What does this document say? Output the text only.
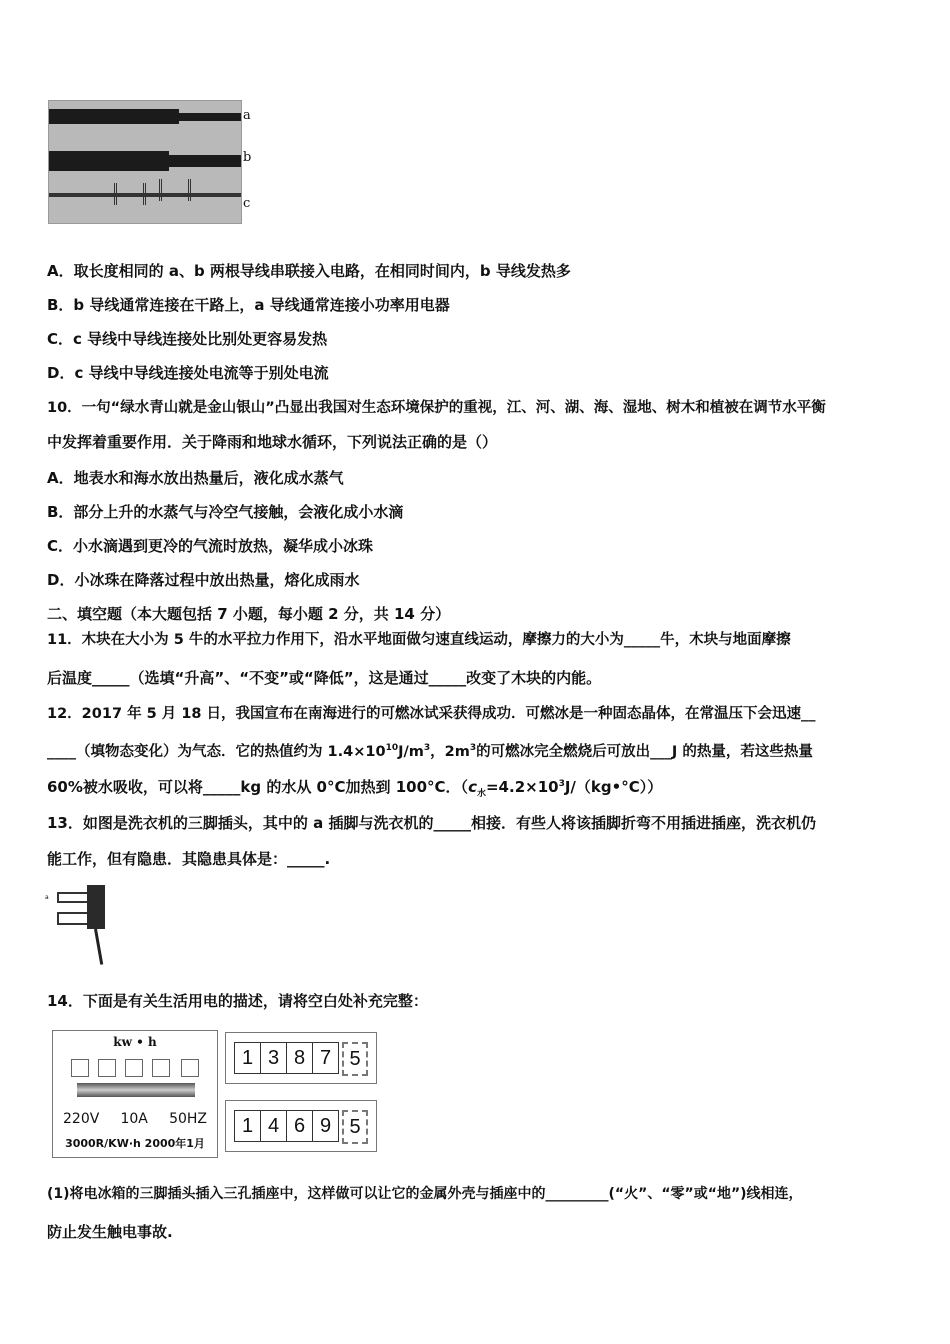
a
b
c
A．取长度相同的 a、b 两根导线串联接入电路，在相同时间内，b 导线发热多
B．b 导线通常连接在干路上，a 导线通常连接小功率用电器
C．c 导线中导线连接处比别处更容易发热
D．c 导线中导线连接处电流等于别处电流
10．一句“绿水青山就是金山银山”凸显出我国对生态环境保护的重视，江、河、湖、海、湿地、树木和植被在调节水平衡
中发挥着重要作用．关于降雨和地球水循环，下列说法正确的是（）
A．地表水和海水放出热量后，液化成水蒸气
B．部分上升的水蒸气与冷空气接触，会液化成小水滴
C．小水滴遇到更冷的气流时放热，凝华成小冰珠
D．小冰珠在降落过程中放出热量，熔化成雨水
二、填空题（本大题包括 7 小题，每小题 2 分，共 14 分）
11．木块在大小为 5 牛的水平拉力作用下，沿水平地面做匀速直线运动，摩擦力的大小为_____牛，木块与地面摩擦
后温度_____（选填“升高”、“不变”或“降低”，这是通过_____改变了木块的内能。
12．2017 年 5 月 18 日，我国宣布在南海进行的可燃冰试采获得成功．可燃冰是一种固态晶体，在常温压下会迅速__
____（填物态变化）为气态．它的热值约为 $1.4\times 10^{10}J/m^3$，$2m^3$的可燃冰完全燃烧后可放出___J 的热量，若这些热量
60%被水吸收，可以将_____kg 的水从 0°C加热到 100°C．$(c_水=4.2\times 10^3J/(kg•^\circ C))$
13．如图是洗衣机的三脚插头，其中的 a 插脚与洗衣机的_____相接．有些人将该插脚折弯不用插进插座，洗衣机仍
能工作，但有隐患．其隐患具体是：_____.
a
14．下面是有关生活用电的描述，请将空白处补充完整：
kw • h
220V 10A 50HZ
3000R/KW·h 2000年1月
1 3 8 7 5
1 4 6 9 5
(1)将电冰箱的三脚插头插入三孔插座中，这样做可以让它的金属外壳与插座中的_________(“火”、“零”或“地”)线相连，
防止发生触电事故.
